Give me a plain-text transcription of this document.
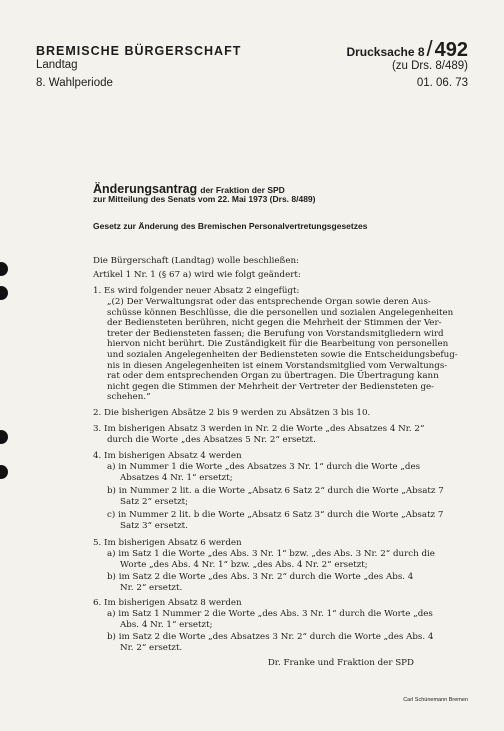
BREMISCHE BÜRGERSCHAFT
Landtag
8. Wahlperiode
Drucksache 8/ 492
(zu Drs. 8/489)
01. 06. 73
Änderungsantrag der Fraktion der SPD
zur Mitteilung des Senats vom 22. Mai 1973 (Drs. 8/489)
Gesetz zur Änderung des Bremischen Personalvertretungsgesetzes
Die Bürgerschaft (Landtag) wolle beschließen:
Artikel 1 Nr. 1 (§ 67 a) wird wie folgt geändert:
1. Es wird folgender neuer Absatz 2 eingefügt:
„(2) Der Verwaltungsrat oder das entsprechende Organ sowie deren Aus-
schüsse können Beschlüsse, die die personellen und sozialen Angelegenheiten
der Bediensteten berühren, nicht gegen die Mehrheit der Stimmen der Ver-
treter der Bediensteten fassen; die Berufung von Vorstandsmitgliedern wird
hiervon nicht berührt. Die Zuständigkeit für die Bearbeitung von personellen
und sozialen Angelegenheiten der Bediensteten sowie die Entscheidungsbefug-
nis in diesen Angelegenheiten ist einem Vorstandsmitglied vom Verwaltungs-
rat oder dem entsprechenden Organ zu übertragen. Die Übertragung kann
nicht gegen die Stimmen der Mehrheit der Vertreter der Bediensteten ge-
schehen.“
2. Die bisherigen Absätze 2 bis 9 werden zu Absätzen 3 bis 10.
3. Im bisherigen Absatz 3 werden in Nr. 2 die Worte „des Absatzes 4 Nr. 2“
durch die Worte „des Absatzes 5 Nr. 2“ ersetzt.
4. Im bisherigen Absatz 4 werden
a) in Nummer 1 die Worte „des Absatzes 3 Nr. 1“ durch die Worte „des
Absatzes 4 Nr. 1“ ersetzt;
b) in Nummer 2 lit. a die Worte „Absatz 6 Satz 2“ durch die Worte „Absatz 7
Satz 2“ ersetzt;
c) in Nummer 2 lit. b die Worte „Absatz 6 Satz 3“ durch die Worte „Absatz 7
Satz 3“ ersetzt.
5. Im bisherigen Absatz 6 werden
a) im Satz 1 die Worte „des Abs. 3 Nr. 1“ bzw. „des Abs. 3 Nr. 2“ durch die
Worte „des Abs. 4 Nr. 1“ bzw. „des Abs. 4 Nr. 2“ ersetzt;
b) im Satz 2 die Worte „des Abs. 3 Nr. 2“ durch die Worte „des Abs. 4
Nr. 2“ ersetzt.
6. Im bisherigen Absatz 8 werden
a) im Satz 1 Nummer 2 die Worte „des Abs. 3 Nr. 1“ durch die Worte „des
Abs. 4 Nr. 1“ ersetzt;
b) im Satz 2 die Worte „des Absatzes 3 Nr. 2“ durch die Worte „des Abs. 4
Nr. 2“ ersetzt.
Dr. Franke und Fraktion der SPD
Carl Schünemann Bremen
